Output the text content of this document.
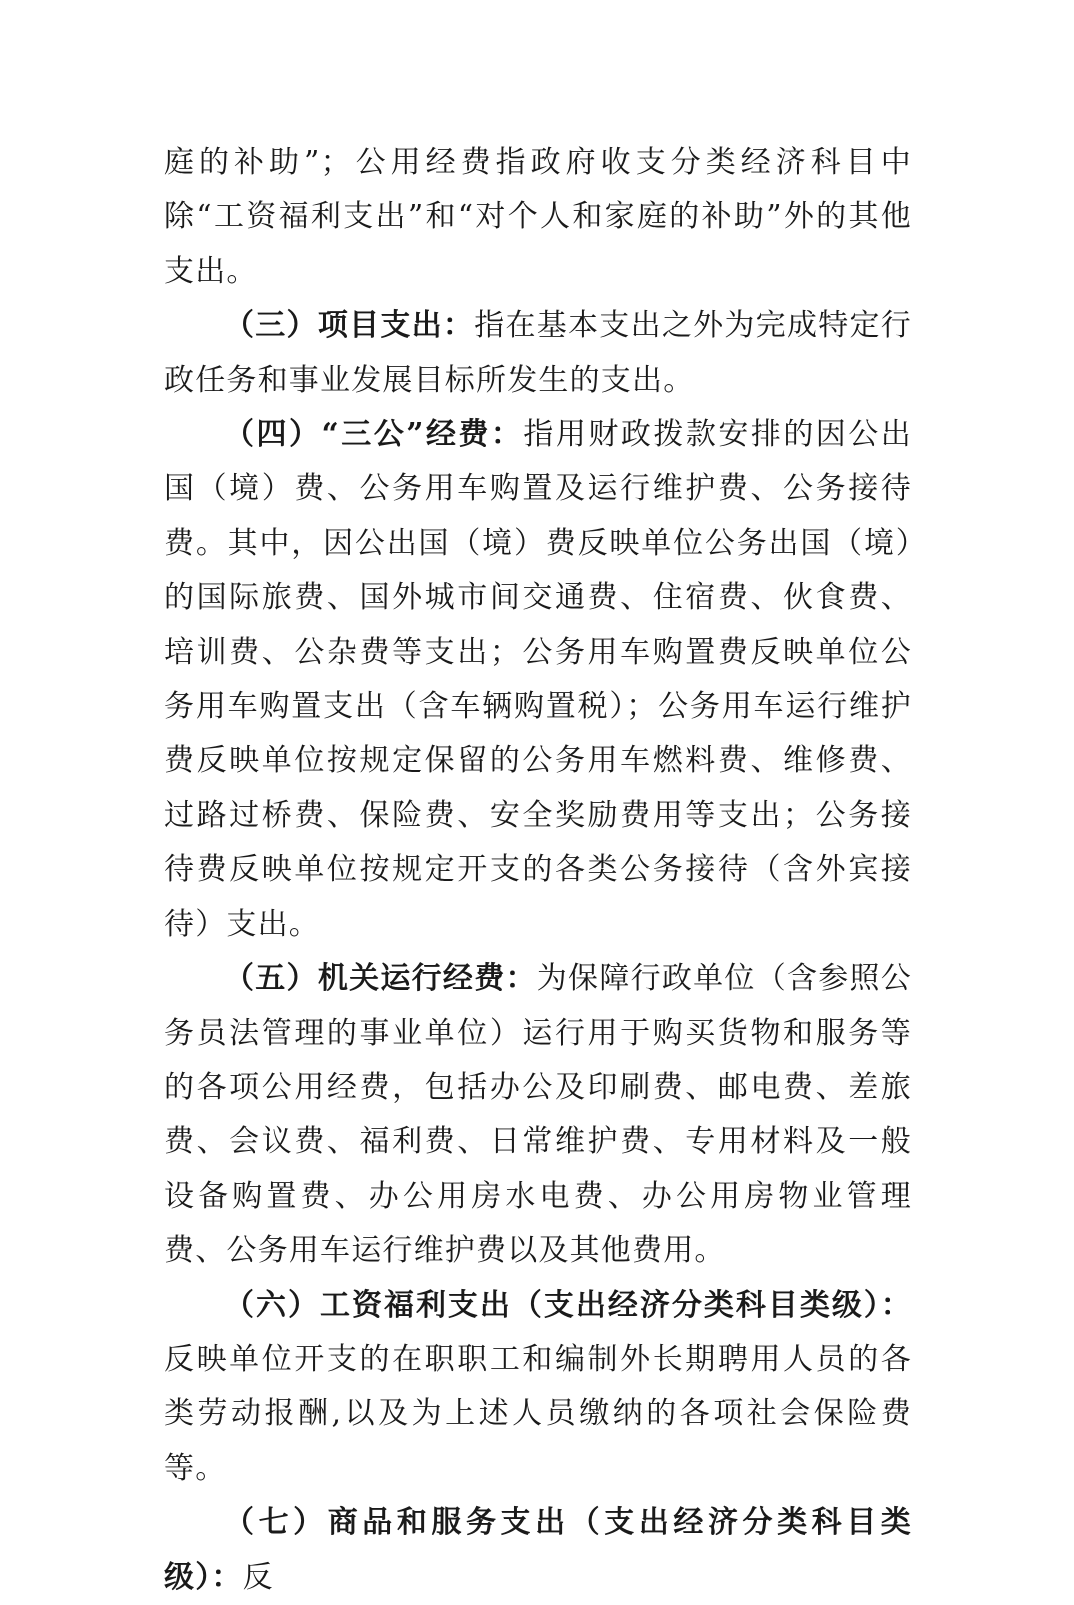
庭的补助”；公用经费指政府收支分类经济科目中除“工资福利支出”和“对个人和家庭的补助”外的其他支出。

（三）项目支出：指在基本支出之外为完成特定行政任务和事业发展目标所发生的支出。

（四）“三公”经费：指用财政拨款安排的因公出国（境）费、公务用车购置及运行维护费、公务接待费。其中，因公出国（境）费反映单位公务出国（境）的国际旅费、国外城市间交通费、住宿费、伙食费、培训费、公杂费等支出；公务用车购置费反映单位公务用车购置支出（含车辆购置税）；公务用车运行维护费反映单位按规定保留的公务用车燃料费、维修费、过路过桥费、保险费、安全奖励费用等支出；公务接待费反映单位按规定开支的各类公务接待（含外宾接待）支出。

（五）机关运行经费：为保障行政单位（含参照公务员法管理的事业单位）运行用于购买货物和服务等的各项公用经费，包括办公及印刷费、邮电费、差旅费、会议费、福利费、日常维护费、专用材料及一般设备购置费、办公用房水电费、办公用房物业管理费、公务用车运行维护费以及其他费用。

（六）工资福利支出（支出经济分类科目类级）：反映单位开支的在职职工和编制外长期聘用人员的各类劳动报酬,以及为上述人员缴纳的各项社会保险费等。

（七）商品和服务支出（支出经济分类科目类级）：反
